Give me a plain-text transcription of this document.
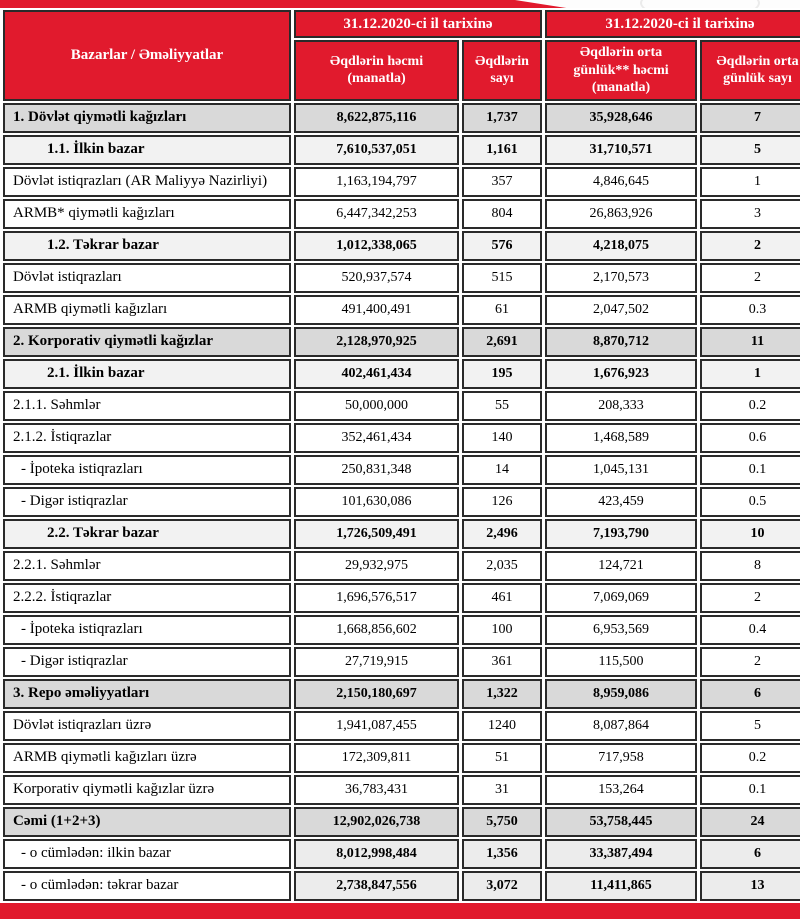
Bazarlar / Əməliyyatlar	31.12.2020-ci il tarixinə		31.12.2020-ci il tarixinə	
	Əqdlərin həcmi (manatla)	Əqdlərin sayı	Əqdlərin orta günlük** həcmi (manatla)	Əqdlərin orta günlük sayı
1. Dövlət qiymətli kağızları	8,622,875,116	1,737	35,928,646	7
1.1. İlkin bazar	7,610,537,051	1,161	31,710,571	5
Dövlət istiqrazları (AR Maliyyə Nazirliyi)	1,163,194,797	357	4,846,645	1
ARMB* qiymətli kağızları	6,447,342,253	804	26,863,926	3
1.2. Təkrar bazar	1,012,338,065	576	4,218,075	2
Dövlət istiqrazları	520,937,574	515	2,170,573	2
ARMB qiymətli kağızları	491,400,491	61	2,047,502	0.3
2. Korporativ qiymətli kağızlar	2,128,970,925	2,691	8,870,712	11
2.1. İlkin bazar	402,461,434	195	1,676,923	1
2.1.1. Səhmlər	50,000,000	55	208,333	0.2
2.1.2. İstiqrazlar	352,461,434	140	1,468,589	0.6
- İpoteka istiqrazları	250,831,348	14	1,045,131	0.1
- Digər istiqrazlar	101,630,086	126	423,459	0.5
2.2. Təkrar bazar	1,726,509,491	2,496	7,193,790	10
2.2.1. Səhmlər	29,932,975	2,035	124,721	8
2.2.2. İstiqrazlar	1,696,576,517	461	7,069,069	2
- İpoteka istiqrazları	1,668,856,602	100	6,953,569	0.4
- Digər istiqrazlar	27,719,915	361	115,500	2
3. Repo əməliyyatları	2,150,180,697	1,322	8,959,086	6
Dövlət istiqrazları üzrə	1,941,087,455	1240	8,087,864	5
ARMB qiymətli kağızları üzrə	172,309,811	51	717,958	0.2
Korporativ qiymətli kağızlar üzrə	36,783,431	31	153,264	0.1
Cəmi (1+2+3)	12,902,026,738	5,750	53,758,445	24
- o cümlədən: ilkin bazar	8,012,998,484	1,356	33,387,494	6
- o cümlədən: təkrar bazar	2,738,847,556	3,072	11,411,865	13
